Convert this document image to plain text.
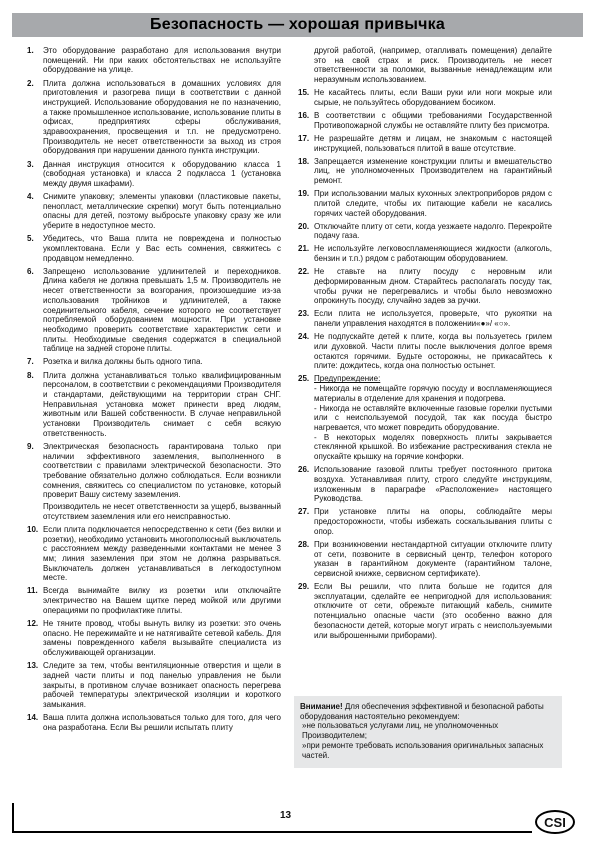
Безопасность — хорошая привычка
1. Это оборудование разработано для использования внутри помещений. Ни при каких обстоятельствах не используйте оборудование на улице.
2. Плита должна использоваться в домашних условиях для приготовления и разогрева пищи в соответствии с данной инструкцией. Использование оборудования не по назначению, а также промышленное использование, использование плиты в офисах, предприятиях сферы обслуживания, здравоохранения, просвещения и т.п. не предусмотрено. Производитель не несет ответственности за выход из строя оборудования при нарушении данного пункта инструкции.
3. Данная инструкция относится к оборудованию класса 1 (свободная установка) и класса 2 подкласса 1 (установка между двумя шкафами).
4. Снимите упаковку; элементы упаковки (пластиковые пакеты, пенопласт, металлические скрепки) могут быть потенциально опасны для детей, поэтому выбросьте упаковку сразу же или уберите в недоступное место.
5. Убедитесь, что Ваша плита не повреждена и полностью укомплектована. Если у Вас есть сомнения, свяжитесь с продавцом немедленно.
6. Запрещено использование удлинителей и переходников. Длина кабеля не должна превышать 1,5 м. Производитель не несет ответственности за возгорания, произошедшие из-за использования тройников и удлинителей, а также соединительного кабеля, сечение которого не соответствует потребляемой оборудованием мощности. При установке необходимо проверить соответствие характеристик сети и плиты. Необходимые сведения содержатся в специальной таблице на задней стороне плиты.
7. Розетка и вилка должны быть одного типа.
8. Плита должна устанавливаться только квалифицированным персоналом, в соответствии с рекомендациями Производителя и стандартами, действующими на территории стран СНГ. Неправильная установка может принести вред людям, животным или Вашей собственности. В случае неправильной установки Производитель снимает с себя всякую ответственность.
9. Электрическая безопасность гарантирована только при наличии эффективного заземления, выполненного в соответствии с правилами электрической безопасности. Это требование обязательно должно соблюдаться. Если возникли сомнения, свяжитесь со специалистом по установке, который проверит Вашу систему заземления.
Производитель не несет ответственности за ущерб, вызванный отсутствием заземления или его неисправностью.
10. Если плита подключается непосредственно к сети (без вилки и розетки), необходимо установить многополюсный выключатель с расстоянием между разведенными контактами не менее 3 мм; линия заземления при этом не должна разрываться. Выключатель должен устанавливаться в легкодоступном месте.
11. Всегда вынимайте вилку из розетки или отключайте электричество на Вашем щитке перед мойкой или другими операциями по профилактике плиты.
12. Не тяните провод, чтобы вынуть вилку из розетки: это очень опасно. Не пережимайте и не натягивайте сетевой кабель. Для замены поврежденного кабеля вызывайте специалиста из обслуживающей организации.
13. Следите за тем, чтобы вентиляционные отверстия и щели в задней части плиты и под панелью управления не были закрыты, в противном случае возникает опасность перегрева рабочей температуры электрической изоляции и короткого замыкания.
14. Ваша плита должна использоваться только для того, для чего она разработана. Если Вы решили испытать плиту
другой работой, (например, отапливать помещения) делайте это на свой страх и риск. Производитель не несет ответственности за поломки, вызванные ненадлежащим или неразумным использованием.
15. Не касайтесь плиты, если Ваши руки или ноги мокрые или сырые, не пользуйтесь оборудованием босиком.
16. В соответствии с общими требованиями Государственной Противопожарной службы не оставляйте плиту без присмотра.
17. Не разрешайте детям и лицам, не знакомым с настоящей инструкцией, пользоваться плитой в ваше отсутствие.
18. Запрещается изменение конструкции плиты и вмешательство лиц, не уполномоченных Производителем на гарантийный ремонт.
19. При использовании малых кухонных электроприборов рядом с плитой следите, чтобы их питающие кабели не касались горячих частей оборудования.
20. Отключайте плиту от сети, когда уезжаете надолго. Перекройте подачу газа.
21. Не используйте легковоспламеняющиеся жидкости (алкоголь, бензин и т.п.) рядом с работающим оборудованием.
22. Не ставьте на плиту посуду с неровным или деформированным дном. Старайтесь располагать посуду так, чтобы ручки не перегревались и чтобы было невозможно опрокинуть посуду, случайно задев за ручки.
23. Если плита не используется, проверьте, что рукоятки на панели управления находятся в положении«●»/ «○».
24. Не подпускайте детей к плите, когда вы пользуетесь грилем или духовкой. Части плиты после выключения долгое время остаются горячими. Будьте осторожны, не прикасайтесь к плите: дождитесь, когда она полностью остынет.
25. Предупреждение:
- Никогда не помещайте горячую посуду и воспламеняющиеся материалы в отделение для хранения и подогрева.
- Никогда не оставляйте включенные газовые горелки пустыми или с неиспользуемой посудой, так как посуда быстро нагревается, что может повредить оборудование.
- В некоторых моделях поверхность плиты закрывается стеклянной крышкой. Во избежание растрескивания стекла не опускайте крышку на горячие конфорки.
26. Использование газовой плиты требует постоянного притока воздуха. Устанавливая плиту, строго следуйте инструкциям, изложенным в параграфе «Расположение» настоящего Руководства.
27. При установке плиты на опоры, соблюдайте меры предосторожности, чтобы избежать соскальзывания плиты с опор.
28. При возникновении нестандартной ситуации отключите плиту от сети, позвоните в сервисный центр, телефон которого указан в гарантийном документе (гарантийном талоне, сервисной книжке, сервисном сертификате).
29. Если Вы решили, что плита больше не годится для эксплуатации, сделайте ее непригодной для использования: отключите от сети, обрежьте питающий кабель, снимите потенциально опасные части (это особенно важно для безопасности детей, которые могут играть с неиспользуемыми или выброшенными приборами).
Внимание! Для обеспечения эффективной и безопасной работы оборудования настоятельно рекомендуем:
»не пользоваться услугами лиц, не уполномоченных Производителем;
»при ремонте требовать использования оригинальных запасных частей.
13	CSI
